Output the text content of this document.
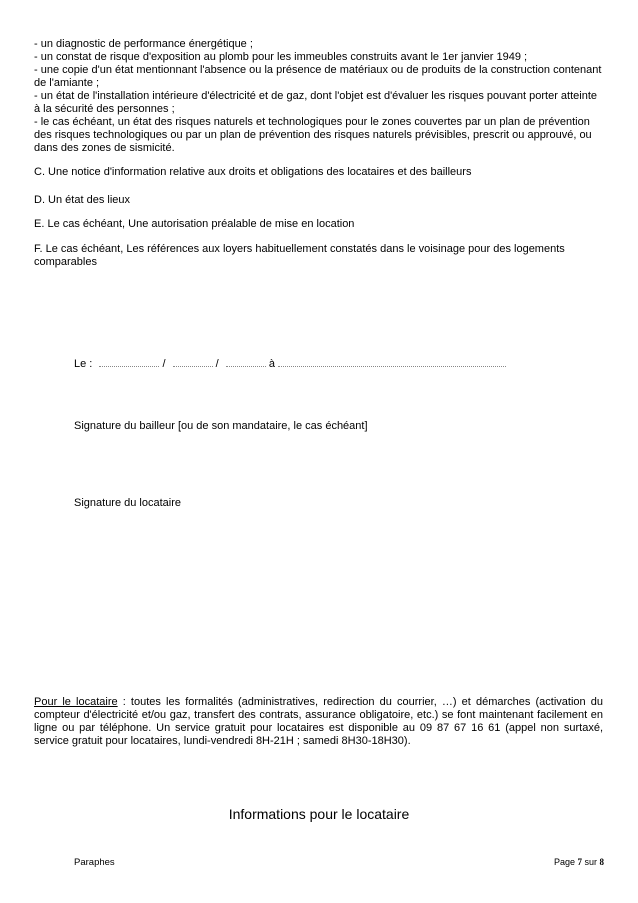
- un diagnostic de performance énergétique ;
- un constat de risque d'exposition au plomb pour les immeubles construits avant le 1er janvier 1949 ;
- une copie d'un état mentionnant l'absence ou la présence de matériaux ou de produits de la construction contenant de l'amiante ;
- un état de l'installation intérieure d'électricité et de gaz, dont l'objet est d'évaluer les risques pouvant porter atteinte à la sécurité des personnes ;
- le cas échéant, un état des risques naturels et technologiques pour le zones couvertes par un plan de prévention des risques technologiques ou par un plan de prévention des risques naturels prévisibles, prescrit ou approuvé, ou dans des zones de sismicité.
C. Une notice d'information relative aux droits et obligations des locataires et des bailleurs
D. Un état des lieux
E. Le cas échéant, Une autorisation préalable de mise en location
F. Le cas échéant, Les références aux loyers habituellement constatés dans le voisinage pour des logements comparables
Le :	/	/	à
Signature du bailleur [ou de son mandataire, le cas échéant]
Signature du locataire
Pour le locataire : toutes les formalités (administratives, redirection du courrier, …) et démarches (activation du compteur d'électricité et/ou gaz, transfert des contrats, assurance obligatoire, etc.) se font maintenant facilement en ligne ou par téléphone. Un service gratuit pour locataires est disponible au 09 87 67 16 61 (appel non surtaxé, service gratuit pour locataires, lundi-vendredi 8H-21H ; samedi 8H30-18H30).
Informations pour le locataire
Paraphes	Page 7 sur 8
